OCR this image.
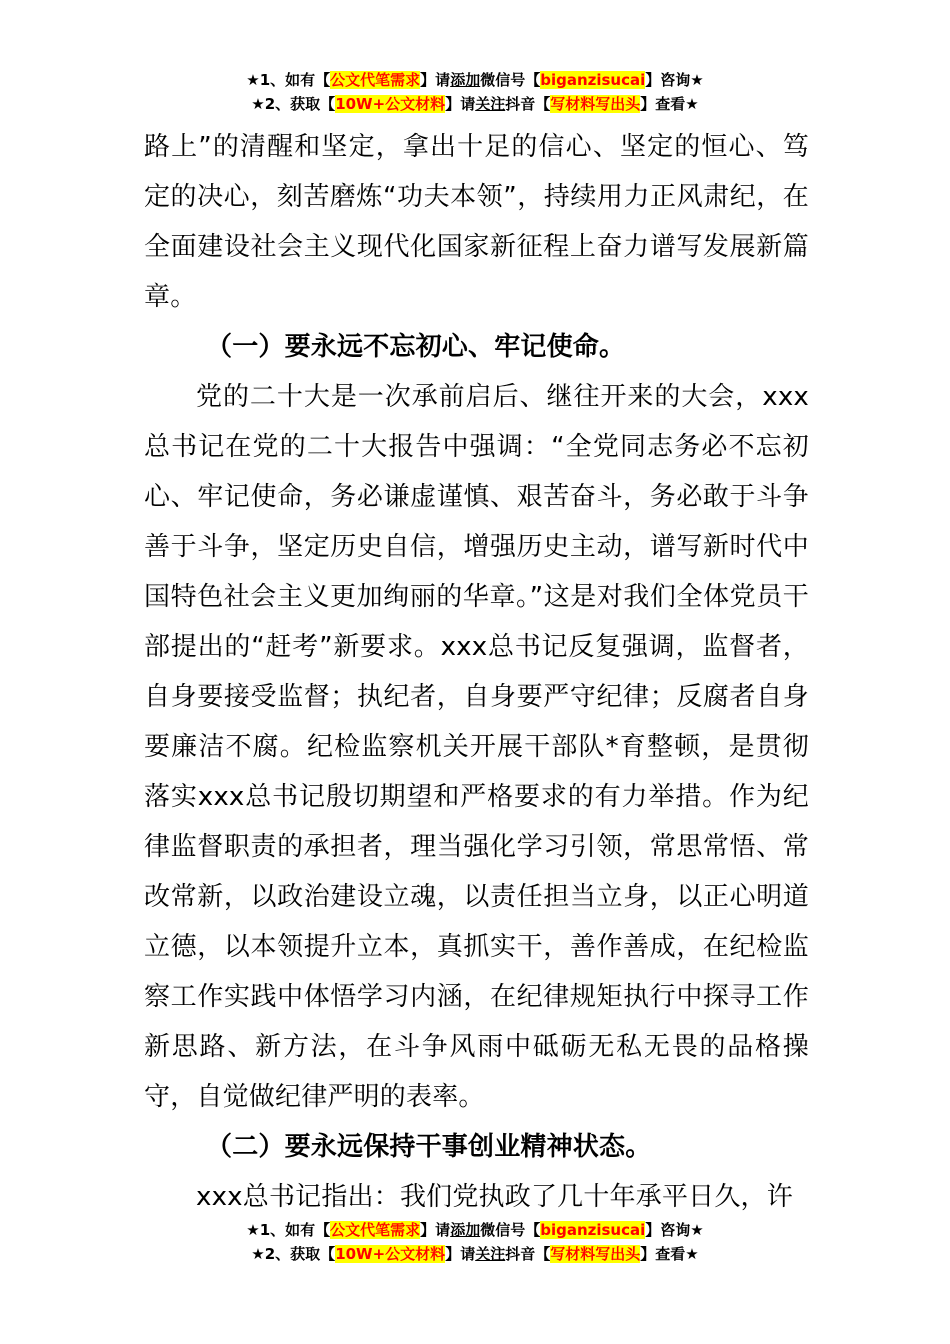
★1、如有【公文代笔需求】请添加微信号【biganzisucai】咨询★
★2、获取【10W+公文材料】请关注抖音【写材料写出头】查看★

路上”的清醒和坚定，拿出十足的信心、坚定的恒心、笃定的决心，刻苦磨炼“功夫本领”，持续用力正风肃纪，在全面建设社会主义现代化国家新征程上奋力谱写发展新篇章。

（一）要永远不忘初心、牢记使命。

党的二十大是一次承前启后、继往开来的大会，xxx总书记在党的二十大报告中强调：“全党同志务必不忘初心、牢记使命，务必谦虚谨慎、艰苦奋斗，务必敢于斗争善于斗争，坚定历史自信，增强历史主动，谱写新时代中国特色社会主义更加绚丽的华章。”这是对我们全体党员干部提出的“赶考”新要求。xxx总书记反复强调，监督者，自身要接受监督；执纪者，自身要严守纪律；反腐者自身要廉洁不腐。纪检监察机关开展干部队*育整顿，是贯彻落实xxx总书记殷切期望和严格要求的有力举措。作为纪律监督职责的承担者，理当强化学习引领，常思常悟、常改常新，以政治建设立魂，以责任担当立身，以正心明道立德，以本领提升立本，真抓实干，善作善成，在纪检监察工作实践中体悟学习内涵，在纪律规矩执行中探寻工作新思路、新方法，在斗争风雨中砥砺无私无畏的品格操守，自觉做纪律严明的表率。

（二）要永远保持干事创业精神状态。

xxx总书记指出：我们党执政了几十年承平日久，许

★1、如有【公文代笔需求】请添加微信号【biganzisucai】咨询★
★2、获取【10W+公文材料】请关注抖音【写材料写出头】查看★
